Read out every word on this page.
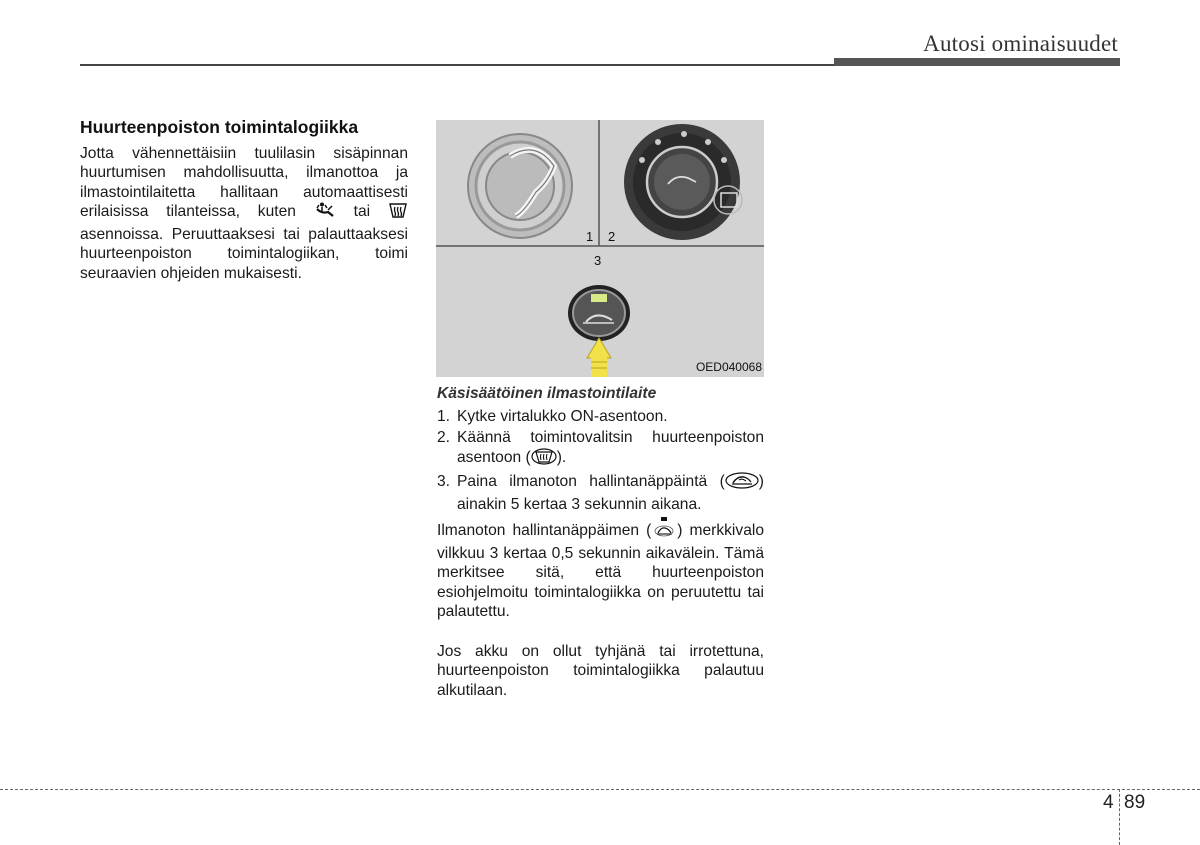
Autosi ominaisuudet
Huurteenpoiston toimintalogiikka

Jotta vähennettäisiin tuulilasin sisäpinnan huurtumisen mahdollisuutta, ilmanottoa ja ilmastointilaitetta hallitaan automaattisesti erilaisissa tilanteissa, kuten	tai  asennoissa. Peruuttaaksesi tai palauttaaksesi huurteenpoiston toimintalogiikan, toimi seuraavien ohjeiden mukaisesti.

1 2
3
OED040068

Käsisäätöinen ilmastointilaite

1. Kytke virtalukko ON-asentoon.
2. Käännä toimintovalitsin huurteenpoiston asentoon ( ).
3. Paina ilmanoton hallintanäppäintä ( ) ainakin 5 kertaa 3 sekunnin aikana.

Ilmanoton hallintanäppäimen ( ) merkkivalo vilkkuu 3 kertaa 0,5 sekunnin aikavälein. Tämä merkitsee sitä, että huurteenpoiston esiohjelmoitu toimintalogiikka on peruutettu tai palautettu.

Jos akku on ollut tyhjänä tai irrotettuna, huurteenpoiston toimintalogiikka palautuu alkutilaan.

4 89
